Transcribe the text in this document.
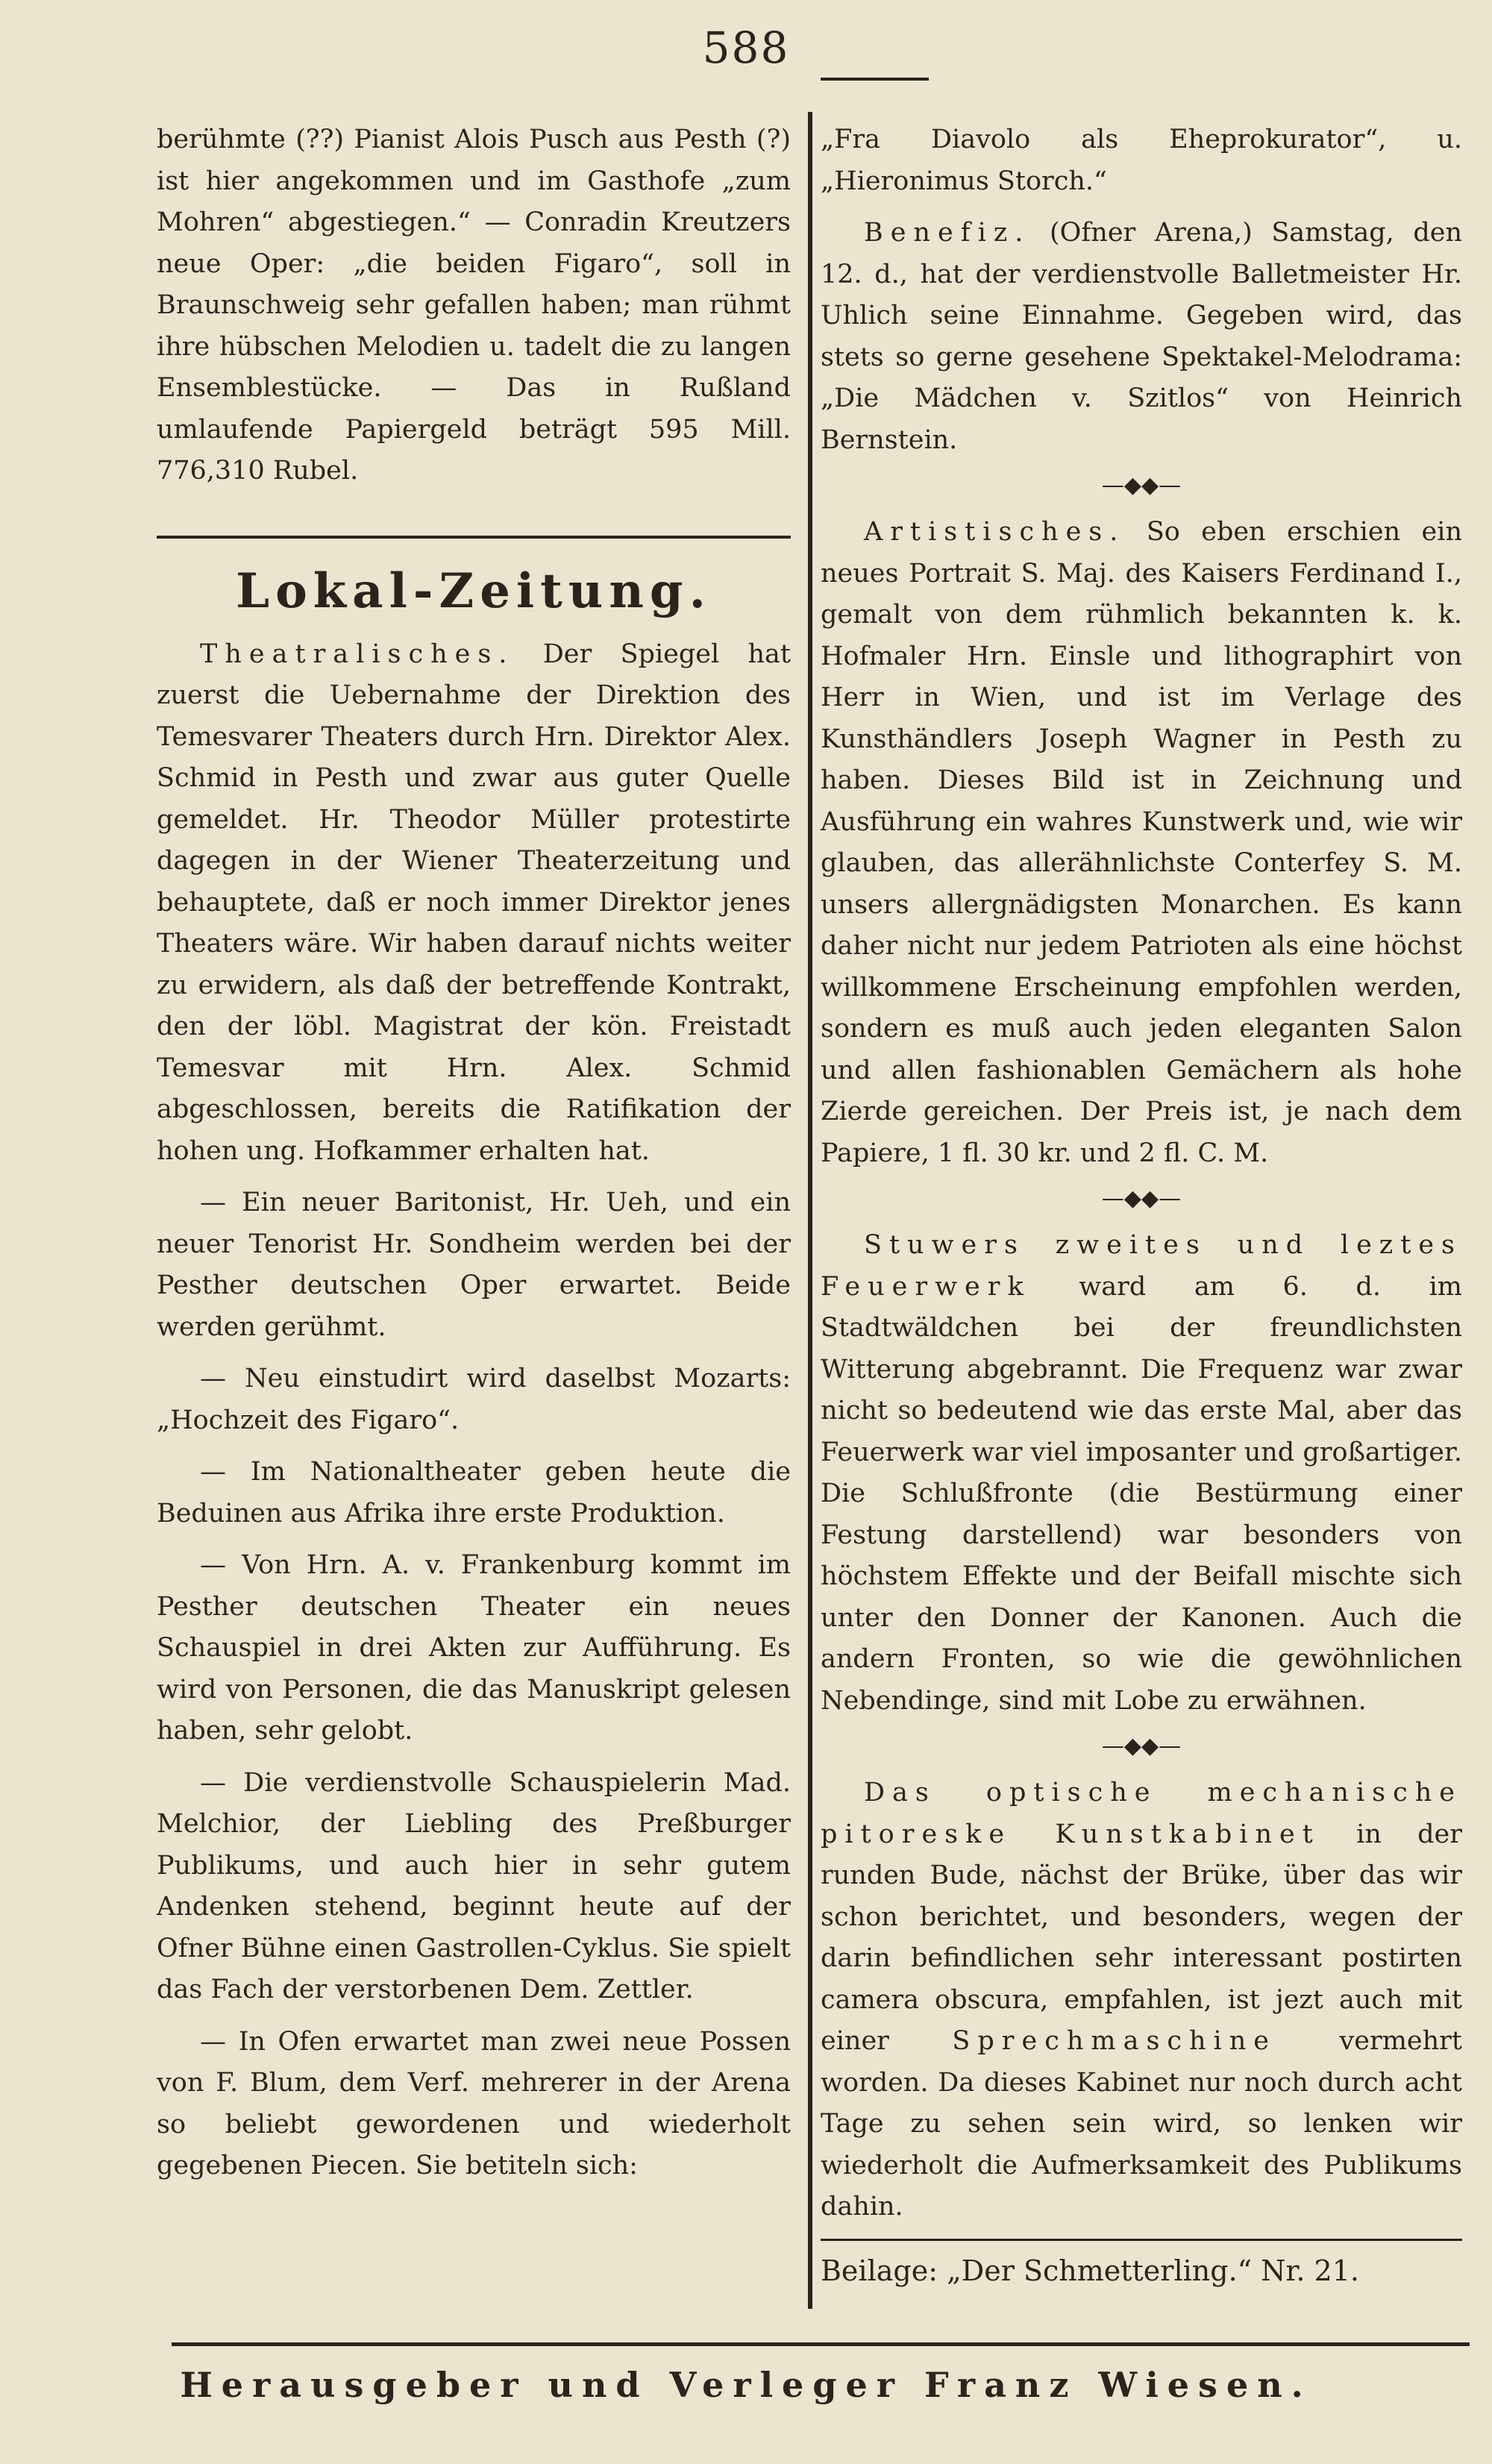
588

berühmte (??) Pianist Alois Pusch aus Pesth (?) ist hier angekommen und im Gasthofe „zum Mohren“ abgestiegen.“ — Conradin Kreutzers neue Oper: „die beiden Figaro“, soll in Braunschweig sehr gefallen haben; man rühmt ihre hübschen Melodien u. tadelt die zu langen Ensemblestücke. — Das in Rußland umlaufende Papiergeld beträgt 595 Mill. 776,310 Rubel.

Lokal-Zeitung.

Theatralisches. Der Spiegel hat zuerst die Uebernahme der Direktion des Temesvarer Theaters durch Hrn. Direktor Alex. Schmid in Pesth und zwar aus guter Quelle gemeldet. Hr. Theodor Müller protestirte dagegen in der Wiener Theaterzeitung und behauptete, daß er noch immer Direktor jenes Theaters wäre. Wir haben darauf nichts weiter zu erwidern, als daß der betreffende Kontrakt, den der löbl. Magistrat der kön. Freistadt Temesvar mit Hrn. Alex. Schmid abgeschlossen, bereits die Ratifikation der hohen ung. Hofkammer erhalten hat.

— Ein neuer Baritonist, Hr. Ueh, und ein neuer Tenorist Hr. Sondheim werden bei der Pesther deutschen Oper erwartet. Beide werden gerühmt.

— Neu einstudirt wird daselbst Mozarts: „Hochzeit des Figaro“.

— Im Nationaltheater geben heute die Beduinen aus Afrika ihre erste Produktion.

— Von Hrn. A. v. Frankenburg kommt im Pesther deutschen Theater ein neues Schauspiel in drei Akten zur Aufführung. Es wird von Personen, die das Manuskript gelesen haben, sehr gelobt.

— Die verdienstvolle Schauspielerin Mad. Melchior, der Liebling des Preßburger Publikums, und auch hier in sehr gutem Andenken stehend, beginnt heute auf der Ofner Bühne einen Gastrollen-Cyklus. Sie spielt das Fach der verstorbenen Dem. Zettler.

— In Ofen erwartet man zwei neue Possen von F. Blum, dem Verf. mehrerer in der Arena so beliebt gewordenen und wiederholt gegebenen Piecen. Sie betiteln sich:

„Fra Diavolo als Eheprokurator“, u. „Hieronimus Storch.“

Benefiz. (Ofner Arena,) Samstag, den 12. d., hat der verdienstvolle Balletmeister Hr. Uhlich seine Einnahme. Gegeben wird, das stets so gerne gesehene Spektakel-Melodrama: „Die Mädchen v. Szitlos“ von Heinrich Bernstein.

—◆◆—

Artistisches. So eben erschien ein neues Portrait S. Maj. des Kaisers Ferdinand I., gemalt von dem rühmlich bekannten k. k. Hofmaler Hrn. Einsle und lithographirt von Herr in Wien, und ist im Verlage des Kunsthändlers Joseph Wagner in Pesth zu haben. Dieses Bild ist in Zeichnung und Ausführung ein wahres Kunstwerk und, wie wir glauben, das allerähnlichste Conterfey S. M. unsers allergnädigsten Monarchen. Es kann daher nicht nur jedem Patrioten als eine höchst willkommene Erscheinung empfohlen werden, sondern es muß auch jeden eleganten Salon und allen fashionablen Gemächern als hohe Zierde gereichen. Der Preis ist, je nach dem Papiere, 1 fl. 30 kr. und 2 fl. C. M.

—◆◆—

Stuwers zweites und leztes Feuerwerk ward am 6. d. im Stadtwäldchen bei der freundlichsten Witterung abgebrannt. Die Frequenz war zwar nicht so bedeutend wie das erste Mal, aber das Feuerwerk war viel imposanter und großartiger. Die Schlußfronte (die Bestürmung einer Festung darstellend) war besonders von höchstem Effekte und der Beifall mischte sich unter den Donner der Kanonen. Auch die andern Fronten, so wie die gewöhnlichen Nebendinge, sind mit Lobe zu erwähnen.

—◆◆—

Das optische mechanische pitoreske Kunstkabinet in der runden Bude, nächst der Brüke, über das wir schon berichtet, und besonders, wegen der darin befindlichen sehr interessant postirten camera obscura, empfahlen, ist jezt auch mit einer Sprechmaschine vermehrt worden. Da dieses Kabinet nur noch durch acht Tage zu sehen sein wird, so lenken wir wiederholt die Aufmerksamkeit des Publikums dahin.

Beilage: „Der Schmetterling.“ Nr. 21.
Herausgeber und Verleger Franz Wiesen.
